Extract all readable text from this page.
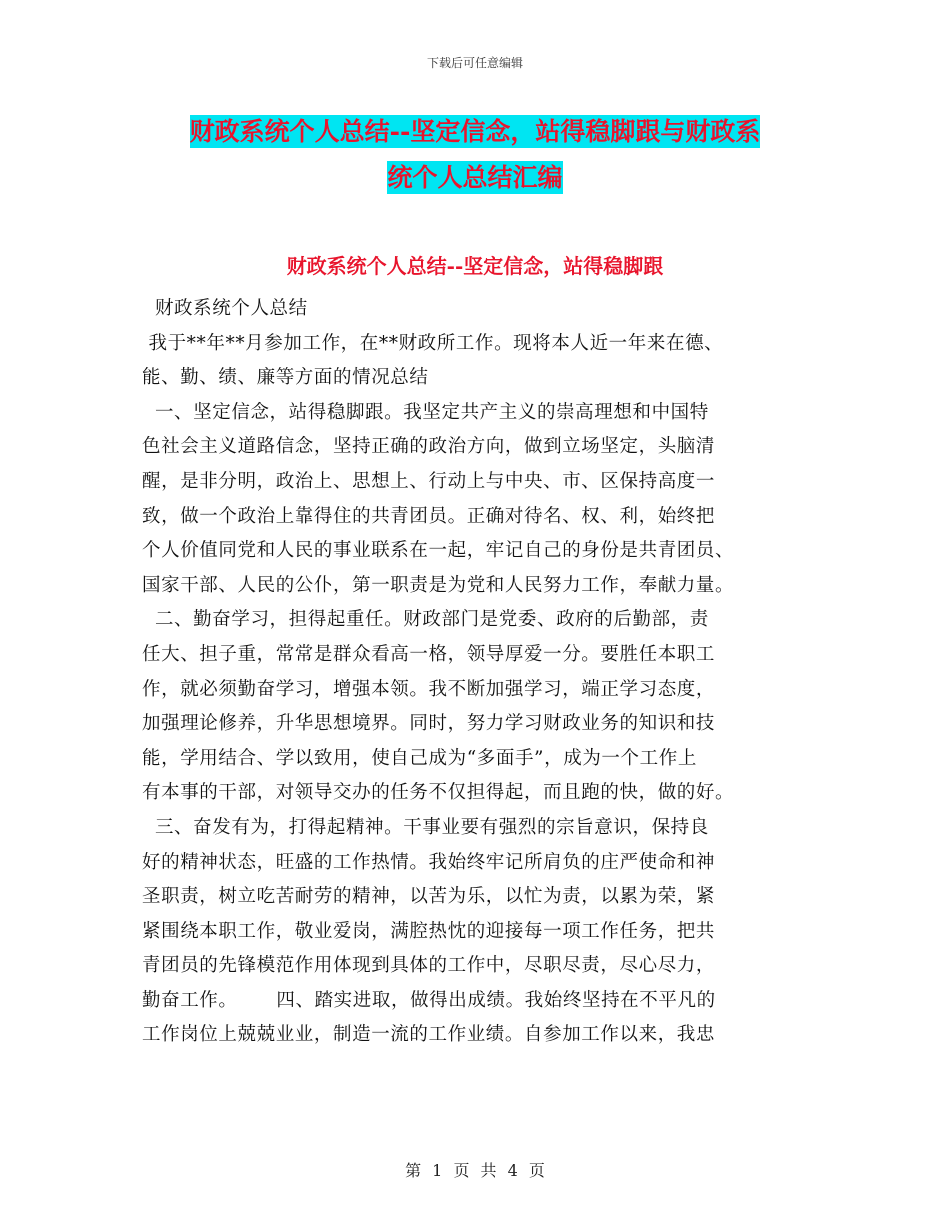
下载后可任意编辑
财政系统个人总结--坚定信念，站得稳脚跟与财政系
统个人总结汇编
财政系统个人总结--坚定信念，站得稳脚跟
财政系统个人总结
我于**年**月参加工作，在**财政所工作。现将本人近一年来在德、
能、勤、绩、廉等方面的情况总结
一、坚定信念，站得稳脚跟。我坚定共产主义的崇高理想和中国特
色社会主义道路信念，坚持正确的政治方向，做到立场坚定，头脑清
醒，是非分明，政治上、思想上、行动上与中央、市、区保持高度一
致，做一个政治上靠得住的共青团员。正确对待名、权、利，始终把
个人价值同党和人民的事业联系在一起，牢记自己的身份是共青团员、
国家干部、人民的公仆，第一职责是为党和人民努力工作，奉献力量。
二、勤奋学习，担得起重任。财政部门是党委、政府的后勤部，责
任大、担子重，常常是群众看高一格，领导厚爱一分。要胜任本职工
作，就必须勤奋学习，增强本领。我不断加强学习，端正学习态度，
加强理论修养，升华思想境界。同时，努力学习财政业务的知识和技
能，学用结合、学以致用，使自己成为“多面手”，成为一个工作上
有本事的干部，对领导交办的任务不仅担得起，而且跑的快，做的好。
三、奋发有为，打得起精神。干事业要有强烈的宗旨意识，保持良
好的精神状态，旺盛的工作热情。我始终牢记所肩负的庄严使命和神
圣职责，树立吃苦耐劳的精神，以苦为乐，以忙为责，以累为荣，紧
紧围绕本职工作，敬业爱岗，满腔热忱的迎接每一项工作任务，把共
青团员的先锋模范作用体现到具体的工作中，尽职尽责，尽心尽力，
勤奋工作。      四、踏实进取，做得出成绩。我始终坚持在不平凡的
工作岗位上兢兢业业，制造一流的工作业绩。自参加工作以来，我忠
第 1 页 共 4 页
